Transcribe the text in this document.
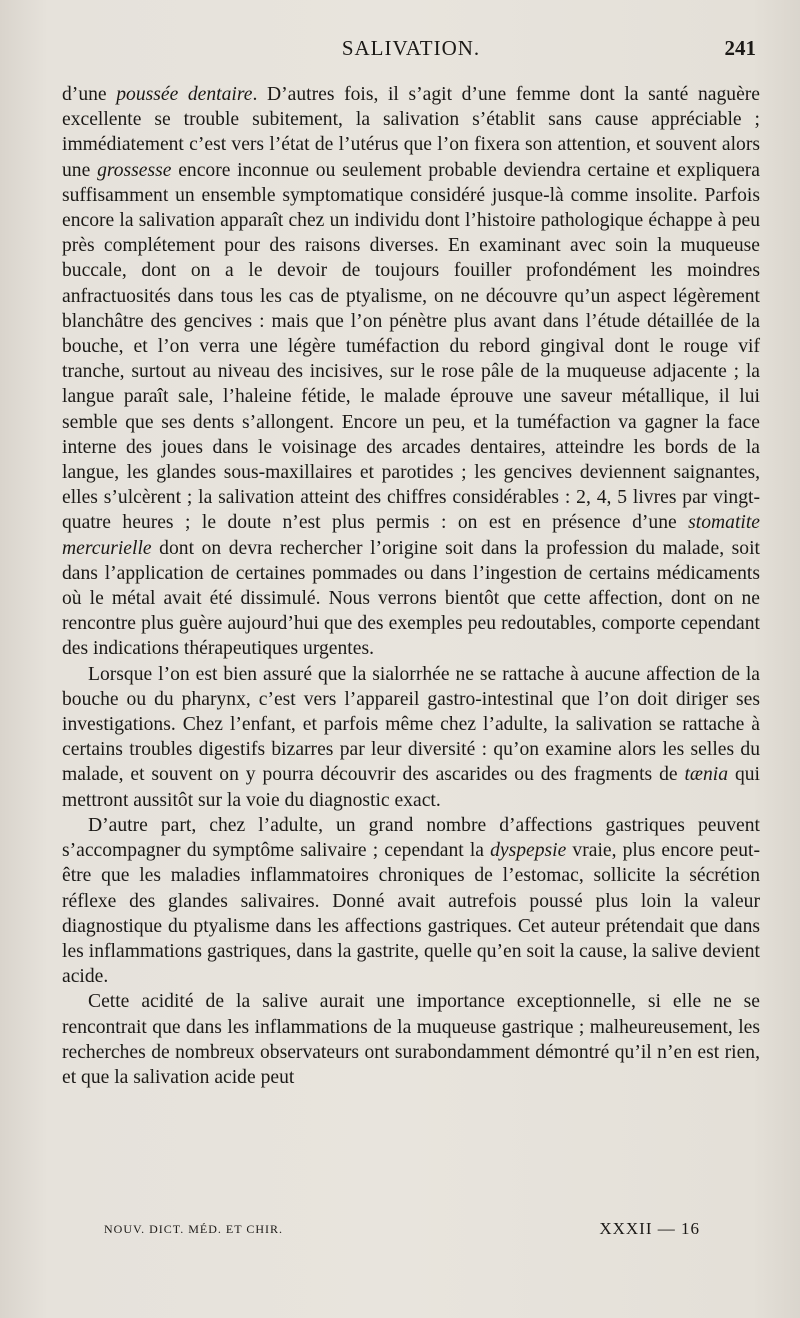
SALIVATION.	241

d’une poussée dentaire. D’autres fois, il s’agit d’une femme dont la santé naguère excellente se trouble subitement, la salivation s’établit sans cause appréciable ; immédiatement c’est vers l’état de l’utérus que l’on fixera son attention, et souvent alors une grossesse encore inconnue ou seulement probable deviendra certaine et expliquera suffisamment un ensemble symptomatique considéré jusque-là comme insolite. Parfois encore la salivation apparaît chez un individu dont l’histoire pathologique échappe à peu près complétement pour des raisons diverses. En examinant avec soin la muqueuse buccale, dont on a le devoir de toujours fouiller profondément les moindres anfractuosités dans tous les cas de ptyalisme, on ne découvre qu’un aspect légèrement blanchâtre des gencives : mais que l’on pénètre plus avant dans l’étude détaillée de la bouche, et l’on verra une légère tuméfaction du rebord gingival dont le rouge vif tranche, surtout au niveau des incisives, sur le rose pâle de la muqueuse adjacente ; la langue paraît sale, l’haleine fétide, le malade éprouve une saveur métallique, il lui semble que ses dents s’allongent. Encore un peu, et la tuméfaction va gagner la face interne des joues dans le voisinage des arcades dentaires, atteindre les bords de la langue, les glandes sous-maxillaires et parotides ; les gencives deviennent saignantes, elles s’ulcèrent ; la salivation atteint des chiffres considérables : 2, 4, 5 livres par vingt-quatre heures ; le doute n’est plus permis : on est en présence d’une stomatite mercurielle dont on devra rechercher l’origine soit dans la profession du malade, soit dans l’application de certaines pommades ou dans l’ingestion de certains médicaments où le métal avait été dissimulé. Nous verrons bientôt que cette affection, dont on ne rencontre plus guère aujourd’hui que des exemples peu redoutables, comporte cependant des indications thérapeutiques urgentes.

Lorsque l’on est bien assuré que la sialorrhée ne se rattache à aucune affection de la bouche ou du pharynx, c’est vers l’appareil gastro-intestinal que l’on doit diriger ses investigations. Chez l’enfant, et parfois même chez l’adulte, la salivation se rattache à certains troubles digestifs bizarres par leur diversité : qu’on examine alors les selles du malade, et souvent on y pourra découvrir des ascarides ou des fragments de tænia qui mettront aussitôt sur la voie du diagnostic exact.

D’autre part, chez l’adulte, un grand nombre d’affections gastriques peuvent s’accompagner du symptôme salivaire ; cependant la dyspepsie vraie, plus encore peut-être que les maladies inflammatoires chroniques de l’estomac, sollicite la sécrétion réflexe des glandes salivaires. Donné avait autrefois poussé plus loin la valeur diagnostique du ptyalisme dans les affections gastriques. Cet auteur prétendait que dans les inflammations gastriques, dans la gastrite, quelle qu’en soit la cause, la salive devient acide.

Cette acidité de la salive aurait une importance exceptionnelle, si elle ne se rencontrait que dans les inflammations de la muqueuse gastrique ; malheureusement, les recherches de nombreux observateurs ont surabondamment démontré qu’il n’en est rien, et que la salivation acide peut

NOUV. DICT. MÉD. ET CHIR.	XXXII — 16
